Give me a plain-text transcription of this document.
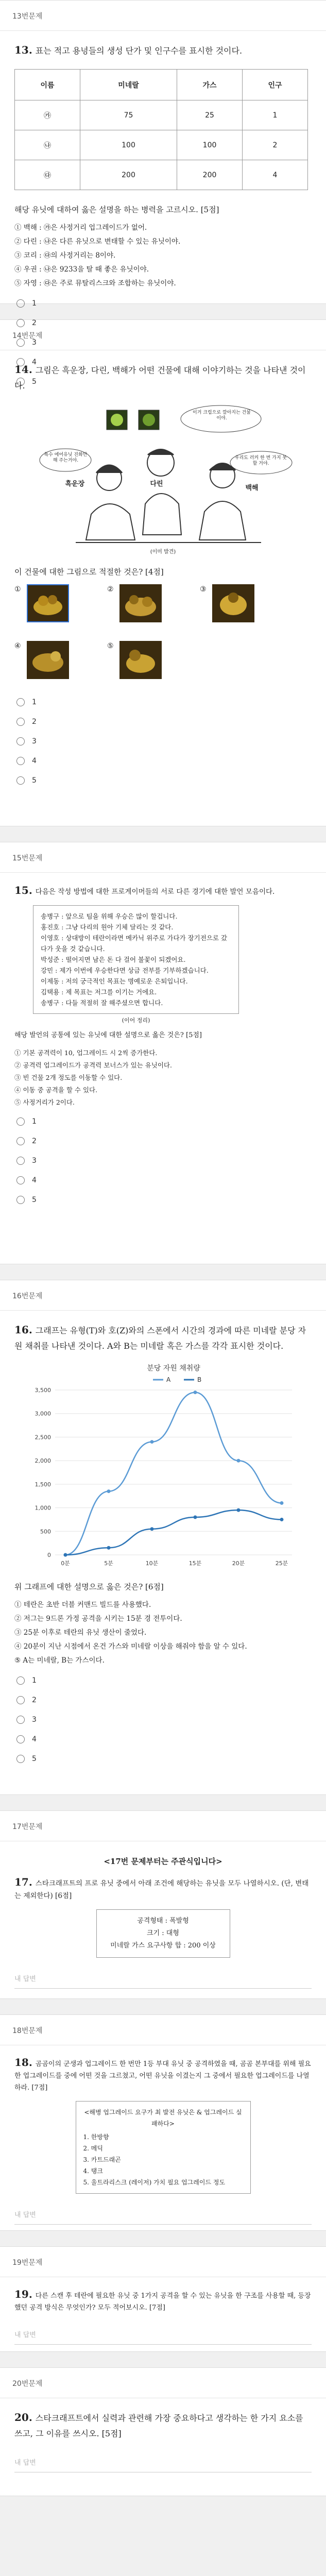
13번문제
13. 표는 적고 용녕들의 생성 단가 및 인구수를 표시한 것이다.
이름	미네랄	가스	인구
㉮	75	25	1
㉯	100	100	2
㉰	200	200	4
해당 유닛에 대하여 옳은 설명을 하는 병력을 고르시오. [5점]
① 백해 : ㉮은 사정거리 업그레이드가 없어.
② 다린 : ㉯은 다른 유닛으로 변태할 수 있는 유닛이야.
③ 코리 : ㉰의 사정거리는 8이야.
④ 우권 : ㉯은 9233을 탈 때 좋은 유닛이야.
⑤ 자영 : ㉰은 주로 뮤탈리스크와 조합하는 유닛이야.
1
2
3
4
5
14번문제
14. 그림은 흑운장, 다린, 백해가 어떤 건물에 대해 이야기하는 것을 나타낸 것이다.
이거 크립으로 깔아지는 건물이야.
특수 에어유닛 진화만 해 주는거야.	우리도 러커 한 번 가지 못할 거야.
흑운장	다린
백해
(이미 발견)
이 건물에 대한 그림으로 적절한 것은? [4점]
①	②	③
④	⑤
1
2
3
4
5
15번문제
15. 다음은 작성 방법에 대한 프로게이머들의 서로 다른 경기에 대한 발언 모음이다.
송병구 : 앞으로 팀을 위해 우승은 많이 할겁니다.
홍진호 : 그냥 다리의 원아 기체 달리는 것 같다.
이영호 : 상대방이 테란이라면 메카닉 위주로 가다가 장기전으로 갔다가 웃을 것 같습니다.
박성준 : 떨어지면 남은 돈 다 걸어 불꽃이 되겠어요.
강민 : 제가 이번에 우승한다면 상금 전부를 기부하겠습니다.
이제동 : 저의 궁극적인 목표는 명예로운 은퇴입니다.
김택용 : 제 목표는 저그를 이기는 거에요.
송병구 : 다들 적절히 잘 해주셨으면 합니다.
(이어 정리)
해당 발언의 공통에 있는 유닛에 대한 설명으로 옳은 것은? [5점]
① 기본 공격력이 10, 업그레이드 시 2씩 증가한다.
② 공격력 업그레이드가 공격력 보너스가 있는 유닛이다.
③ 빈 건물 2개 정도를 이동할 수 있다.
④ 이동 중 공격을 할 수 있다.
⑤ 사정거리가 2이다.
1
2
3
4
5
16번문제
16. 그래프는 유형(T)와 호(Z)와의 스폰에서 시간의 경과에 따른 미네랄 분당 자원 채취를 나타낸 것이다. A와 B는 미네랄 혹은 가스를 각각 표시한 것이다.
분당 자원 채취량
A	B
0
500
1,000
1,500
2,000
2,500
3,000
3,500
0분	5분	10분	15분	20분	25분
위 그래프에 대한 설명으로 옳은 것은? [6점]
① 테란은 초반 더블 커맨드 빌드를 사용했다.
② 저그는 9드론 가정 공격을 시키는 15분 경 전투이다.
③ 25분 이후로 테란의 유닛 생산이 줄었다.
④ 20분이 지난 시점에서 온건 가스와 미네랄 이상을 해줘야 함을 알 수 있다.
⑤ A는 미네랄, B는 가스이다.
1
2
3
4
5
17번문제
<17번 문제부터는 주관식입니다>
17. 스타크래프트의 프로 유닛 중에서 아래 조건에 해당하는 유닛을 모두 나열하시오. (단, 변태는 제외한다) [6점]
공격형태 : 폭발형
크기 : 대형
미네랄 가스 요구사항 합 : 200 이상
내 답변
18번문제
18. 곰곰이의 군생과 업그레이드 한 번만 1등 부대 유닛 중 공격하였을 때, 곰곰 본부대를 위해 필요한 업그레이드를 중에 어떤 것을 그르쳤고, 어떤 유닛을 이겼는지 그 중에서 필요한 업그레이드를 나열하라. [7점]
<해병 업그레이드 요구가 최 발전 유닛은 & 업그레이드 실패하다>
1. 한방향
2. 메딕
3. 카트드래곤
4. 탱크
5. 울트라리스크 (레이저) 가치 필요 업그레이드 정도
내 답변
19번문제
19. 다른 스캔 후 테란에 필요한 유닛 중 1가지 공격을 할 수 있는 유닛을 한 구조를 사용할 때, 등장했던 공격 방식은 무엇인가? 모두 적어보시오. [7점]
내 답변
20번문제
20. 스타크래프트에서 실력과 관련해 가장 중요하다고 생각하는 한 가지 요소를 쓰고, 그 이유를 쓰시오. [5점]
내 답변
